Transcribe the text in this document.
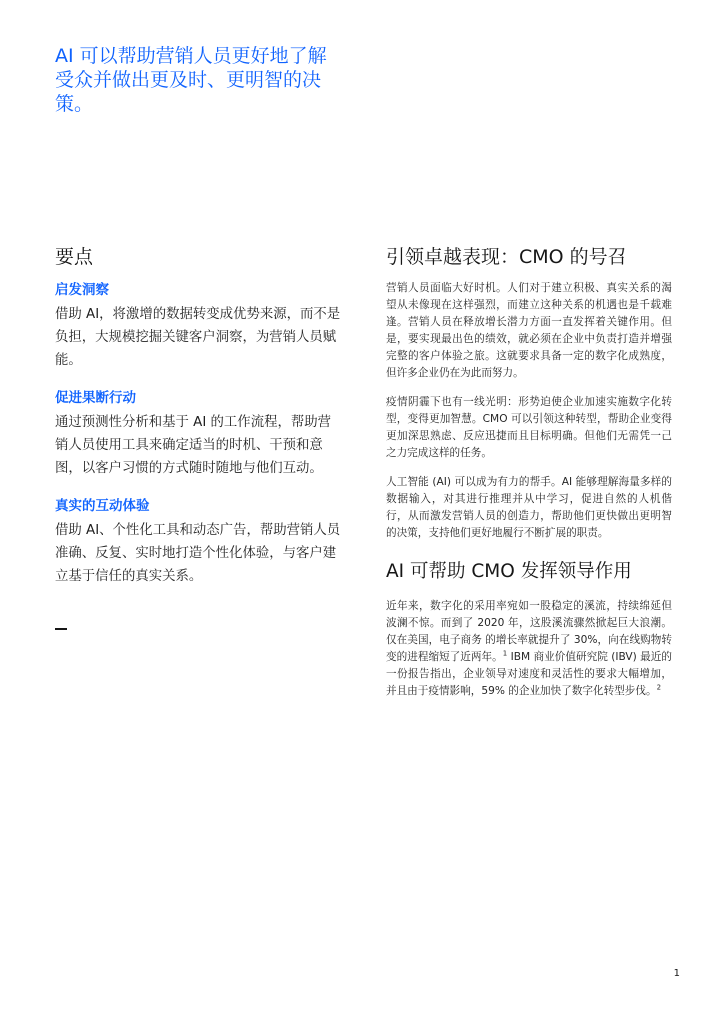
AI 可以帮助营销人员更好地了解受众并做出更及时、更明智的决策。
要点
启发洞察

借助 AI，将激增的数据转变成优势来源，而不是负担，大规模挖掘关键客户洞察，为营销人员赋能。

促进果断行动

通过预测性分析和基于 AI 的工作流程，帮助营销人员使用工具来确定适当的时机、干预和意图，以客户习惯的方式随时随地与他们互动。

真实的互动体验

借助 AI、个性化工具和动态广告，帮助营销人员准确、反复、实时地打造个性化体验，与客户建立基于信任的真实关系。

引领卓越表现：CMO 的号召

营销人员面临大好时机。人们对于建立积极、真实关系的渴望从未像现在这样强烈，而建立这种关系的机遇也是千载难逢。营销人员在释放增长潜力方面一直发挥着关键作用。但是，要实现最出色的绩效，就必须在企业中负责打造并增强完整的客户体验之旅。这就要求具备一定的数字化成熟度，但许多企业仍在为此而努力。

疫情阴霾下也有一线光明：形势迫使企业加速实施数字化转型，变得更加智慧。CMO 可以引领这种转型，帮助企业变得更加深思熟虑、反应迅捷而且目标明确。但他们无需凭一己之力完成这样的任务。

人工智能 (AI) 可以成为有力的帮手。AI 能够理解海量多样的数据输入，对其进行推理并从中学习，促进自然的人机偕行，从而激发营销人员的创造力，帮助他们更快做出更明智的决策，支持他们更好地履行不断扩展的职责。

AI 可帮助 CMO 发挥领导作用

近年来，数字化的采用率宛如一股稳定的溪流，持续绵延但波澜不惊。而到了 2020 年，这股溪流骤然掀起巨大浪潮。仅在美国，电子商务 的增长率就提升了 30%，向在线购物转变的进程缩短了近两年。$^1$ IBM 商业价值研究院 (IBV) 最近的一份报告指出，企业领导对速度和灵活性的要求大幅增加，并且由于疫情影响，59% 的企业加快了数字化转型步伐。$^2$

1
